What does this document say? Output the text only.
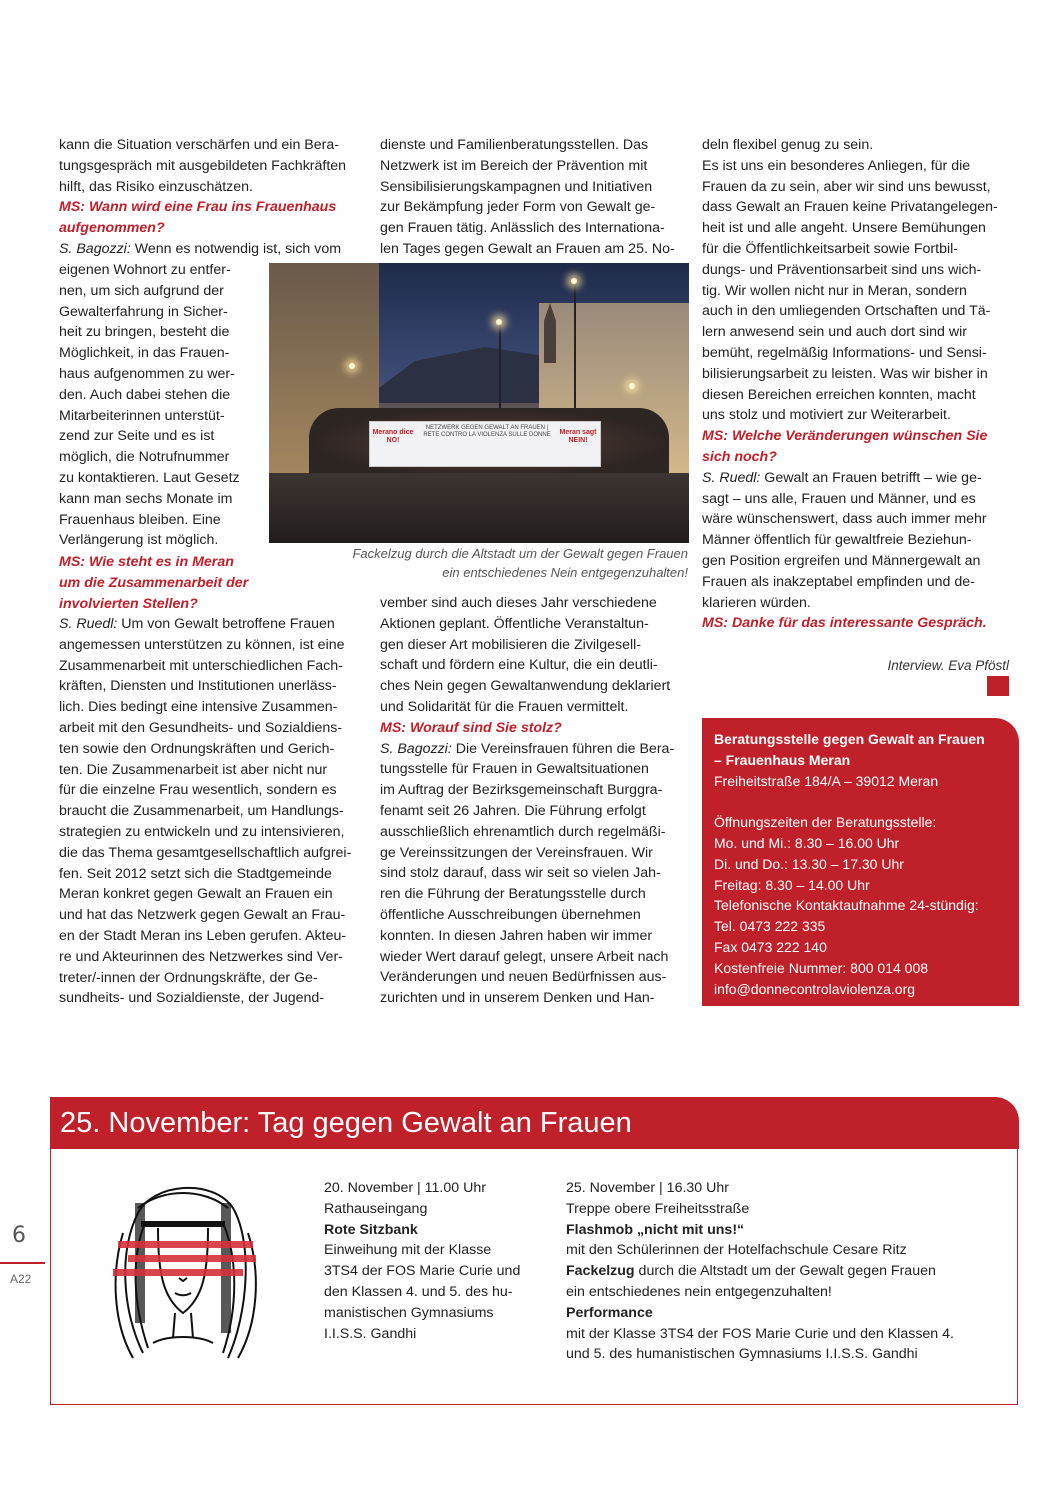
kann die Situation verschärfen und ein Bera-

tungsgespräch mit ausgebildeten Fachkräften

hilft, das Risiko einzuschätzen.

MS: Wann wird eine Frau ins Frauenhaus

aufgenommen?

S. Bagozzi: Wenn es notwendig ist, sich vom

eigenen Wohnort zu entfer-

nen, um sich aufgrund der

Gewalterfahrung in Sicher-

heit zu bringen, besteht die

Möglichkeit, in das Frauen-

haus aufgenommen zu wer-

den. Auch dabei stehen die

Mitarbeiterinnen unterstüt-

zend zur Seite und es ist

möglich, die Notrufnummer

zu kontaktieren. Laut Gesetz

kann man sechs Monate im

Frauenhaus bleiben. Eine

Verlängerung ist möglich.

MS: Wie steht es in Meran

um die Zusammenarbeit der

involvierten Stellen?

S. Ruedl: Um von Gewalt betroffene Frauen

angemessen unterstützen zu können, ist eine

Zusammenarbeit mit unterschiedlichen Fach-

kräften, Diensten und Institutionen unerläss-

lich. Dies bedingt eine intensive Zusammen-

arbeit mit den Gesundheits- und Sozialdiens-

ten sowie den Ordnungskräften und Gerich-

ten. Die Zusammenarbeit ist aber nicht nur

für die einzelne Frau wesentlich, sondern es

braucht die Zusammenarbeit, um Handlungs-

strategien zu entwickeln und zu intensivieren,

die das Thema gesamtgesellschaftlich aufgrei-

fen. Seit 2012 setzt sich die Stadtgemeinde

Meran konkret gegen Gewalt an Frauen ein

und hat das Netzwerk gegen Gewalt an Frau-

en der Stadt Meran ins Leben gerufen. Akteu-

re und Akteurinnen des Netzwerkes sind Ver-

treter/-innen der Ordnungskräfte, der Ge-

sundheits- und Sozialdienste, der Jugend-

dienste und Familienberatungsstellen. Das

Netzwerk ist im Bereich der Prävention mit

Sensibilisierungskampagnen und Initiativen

zur Bekämpfung jeder Form von Gewalt ge-

gen Frauen tätig. Anlässlich des Internationa-

len Tages gegen Gewalt an Frauen am 25. No-

Merano dice NO!
NETZWERK GEGEN GEWALT AN FRAUEN | RETE CONTRO LA VIOLENZA SULLE DONNE	Meran sagt NEIN!
Fackelzug durch die Altstadt um der Gewalt gegen Frauen
ein entschiedenes Nein entgegenzuhalten!

vember sind auch dieses Jahr verschiedene

Aktionen geplant. Öffentliche Veranstaltun-

gen dieser Art mobilisieren die Zivilgesell-

schaft und fördern eine Kultur, die ein deutli-

ches Nein gegen Gewaltanwendung deklariert

und Solidarität für die Frauen vermittelt.

MS: Worauf sind Sie stolz?

S. Bagozzi: Die Vereinsfrauen führen die Bera-

tungsstelle für Frauen in Gewaltsituationen

im Auftrag der Bezirksgemeinschaft Burggra-

fenamt seit 26 Jahren. Die Führung erfolgt

ausschließlich ehrenamtlich durch regelmäßi-

ge Vereinssitzungen der Vereinsfrauen. Wir

sind stolz darauf, dass wir seit so vielen Jah-

ren die Führung der Beratungsstelle durch

öffentliche Ausschreibungen übernehmen

konnten. In diesen Jahren haben wir immer

wieder Wert darauf gelegt, unsere Arbeit nach

Veränderungen und neuen Bedürfnissen aus-

zurichten und in unserem Denken und Han-

deln flexibel genug zu sein.

Es ist uns ein besonderes Anliegen, für die

Frauen da zu sein, aber wir sind uns bewusst,

dass Gewalt an Frauen keine Privatangelegen-

heit ist und alle angeht. Unsere Bemühungen

für die Öffentlichkeitsarbeit sowie Fortbil-

dungs- und Präventionsarbeit sind uns wich-

tig. Wir wollen nicht nur in Meran, sondern

auch in den umliegenden Ortschaften und Tä-

lern anwesend sein und auch dort sind wir

bemüht, regelmäßig Informations- und Sensi-

bilisierungsarbeit zu leisten. Was wir bisher in

diesen Bereichen erreichen konnten, macht

uns stolz und motiviert zur Weiterarbeit.

MS: Welche Veränderungen wünschen Sie

sich noch?

S. Ruedl: Gewalt an Frauen betrifft – wie ge-

sagt – uns alle, Frauen und Männer, und es

wäre wünschenswert, dass auch immer mehr

Männer öffentlich für gewaltfreie Beziehun-

gen Position ergreifen und Männergewalt an

Frauen als inakzeptabel empfinden und de-

klarieren würden.

MS: Danke für das interessante Gespräch.

Interview. Eva Pföstl

Beratungsstelle gegen Gewalt an Frauen

– Frauenhaus Meran

Freiheitstraße 184/A – 39012 Meran

Öffnungszeiten der Beratungsstelle:

Mo. und Mi.: 8.30 – 16.00 Uhr

Di. und Do.: 13.30 – 17.30 Uhr

Freitag: 8.30 – 14.00 Uhr

Telefonische Kontaktaufnahme 24-stündig:

Tel. 0473 222 335

Fax 0473 222 140

Kostenfreie Nummer: 800 014 008

info@donnecontrolaviolenza.org

25. November: Tag gegen Gewalt an Frauen

20. November | 11.00 Uhr

Rathauseingang

Rote Sitzbank

Einweihung mit der Klasse

3TS4 der FOS Marie Curie und

den Klassen 4. und 5. des hu-

manistischen Gymnasiums

I.I.S.S. Gandhi

25. November | 16.30 Uhr

Treppe obere Freiheitsstraße

Flashmob „nicht mit uns!“

mit den Schülerinnen der Hotelfachschule Cesare Ritz

Fackelzug durch die Altstadt um der Gewalt gegen Frauen

ein entschiedenes nein entgegenzuhalten!

Performance

mit der Klasse 3TS4 der FOS Marie Curie und den Klassen 4.

und 5. des humanistischen Gymnasiums I.I.S.S. Gandhi

6
A22
